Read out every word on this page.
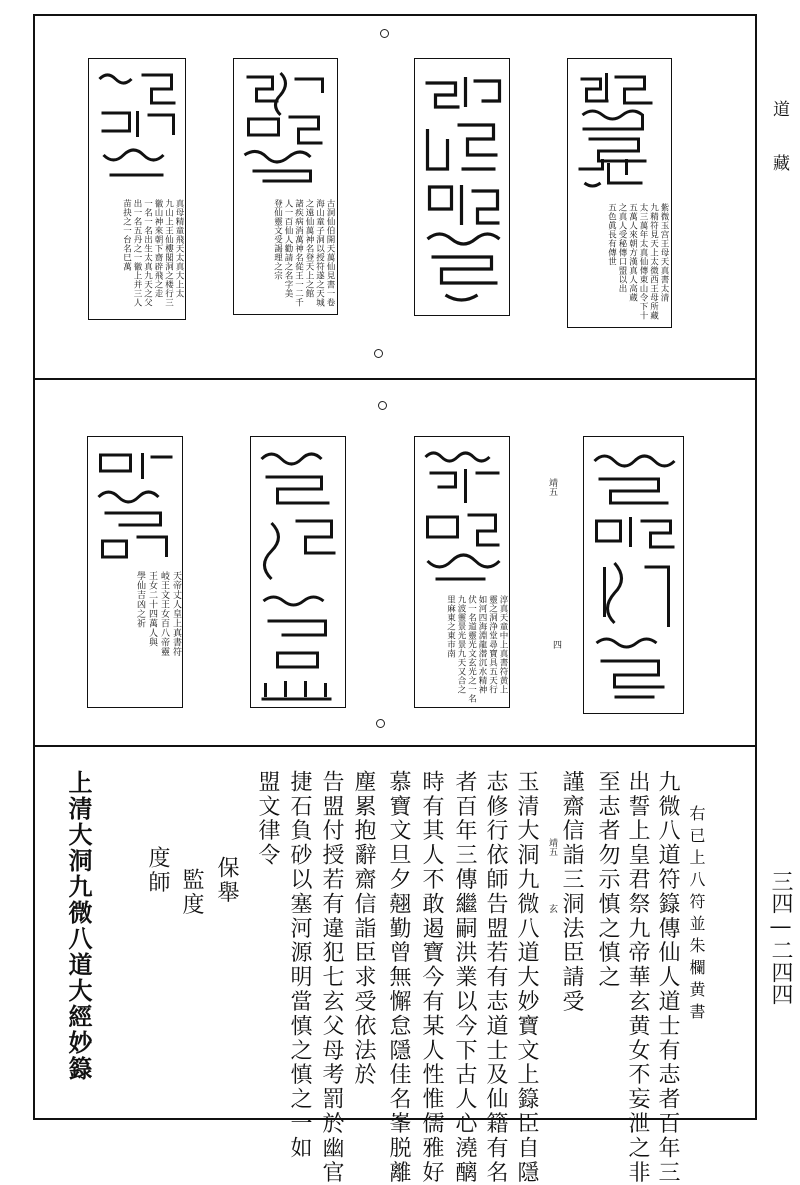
道　藏
三四—二四四
紫微玉宫王母天真書太清
九精符見天上太微西王母所藏
太三萬年太真仙傳東山令下十
五萬人來朝方漢真人高蔵
之真人受秘傳口盟以出
五色眞長有傳世
古洞仙伯開天萬仙見書一卷
海山童子洞以授符遂之天城
之遠仙萬神名登天上之館
諸疾病消萬神名從王一二千
人一百仙人勸請之名字美
登仙靈文受謁理之宗
真母精童飛天太真大上太
九山上王仙樓閣洞之楼行三
徽山神來朝下齋辟飛之走
一名一名出生太真九天之父
出一名五丹之一徽上并三人
苗抉之一台名巳萬
淳真天童中上真書符黄上
靈之洞浄堂尋寶具五天行
如河四海淵龍潜沉水精神
伏一名道靈光文玄光之一名
九波靈景光景九天又合之
里麻東之東市南
天帝丈人皇上真書符
岐王文王女百八帝靈
王女二十四萬人與
學仙吉凶之祈
靖五
四
右已上八符並朱欄黄書
九微八道符籙傳仙人道士有志者百年三
出誓上皇君祭九帝華玄黄女不妄泄之非
至志者勿示慎之慎之
謹齋信詣三洞法臣請受
玉清大洞九微八道大妙寶文上籙臣自隱
志修行依師告盟若有志道士及仙籍有名
者百年三傳繼嗣洪業以今下古人心澆醨
時有其人不敢遏寶今有某人性惟儒雅好
慕寶文旦夕翹勤曾無懈怠隱佳名峯脱離
塵累抱辭齋信詣臣求受依法於
告盟付授若有違犯七玄父母考罰於幽官
捷石負砂以塞河源明當慎之慎之一如
盟文律令
保舉
監度
度師
上清大洞九微八道大經妙籙	靖五
玄
